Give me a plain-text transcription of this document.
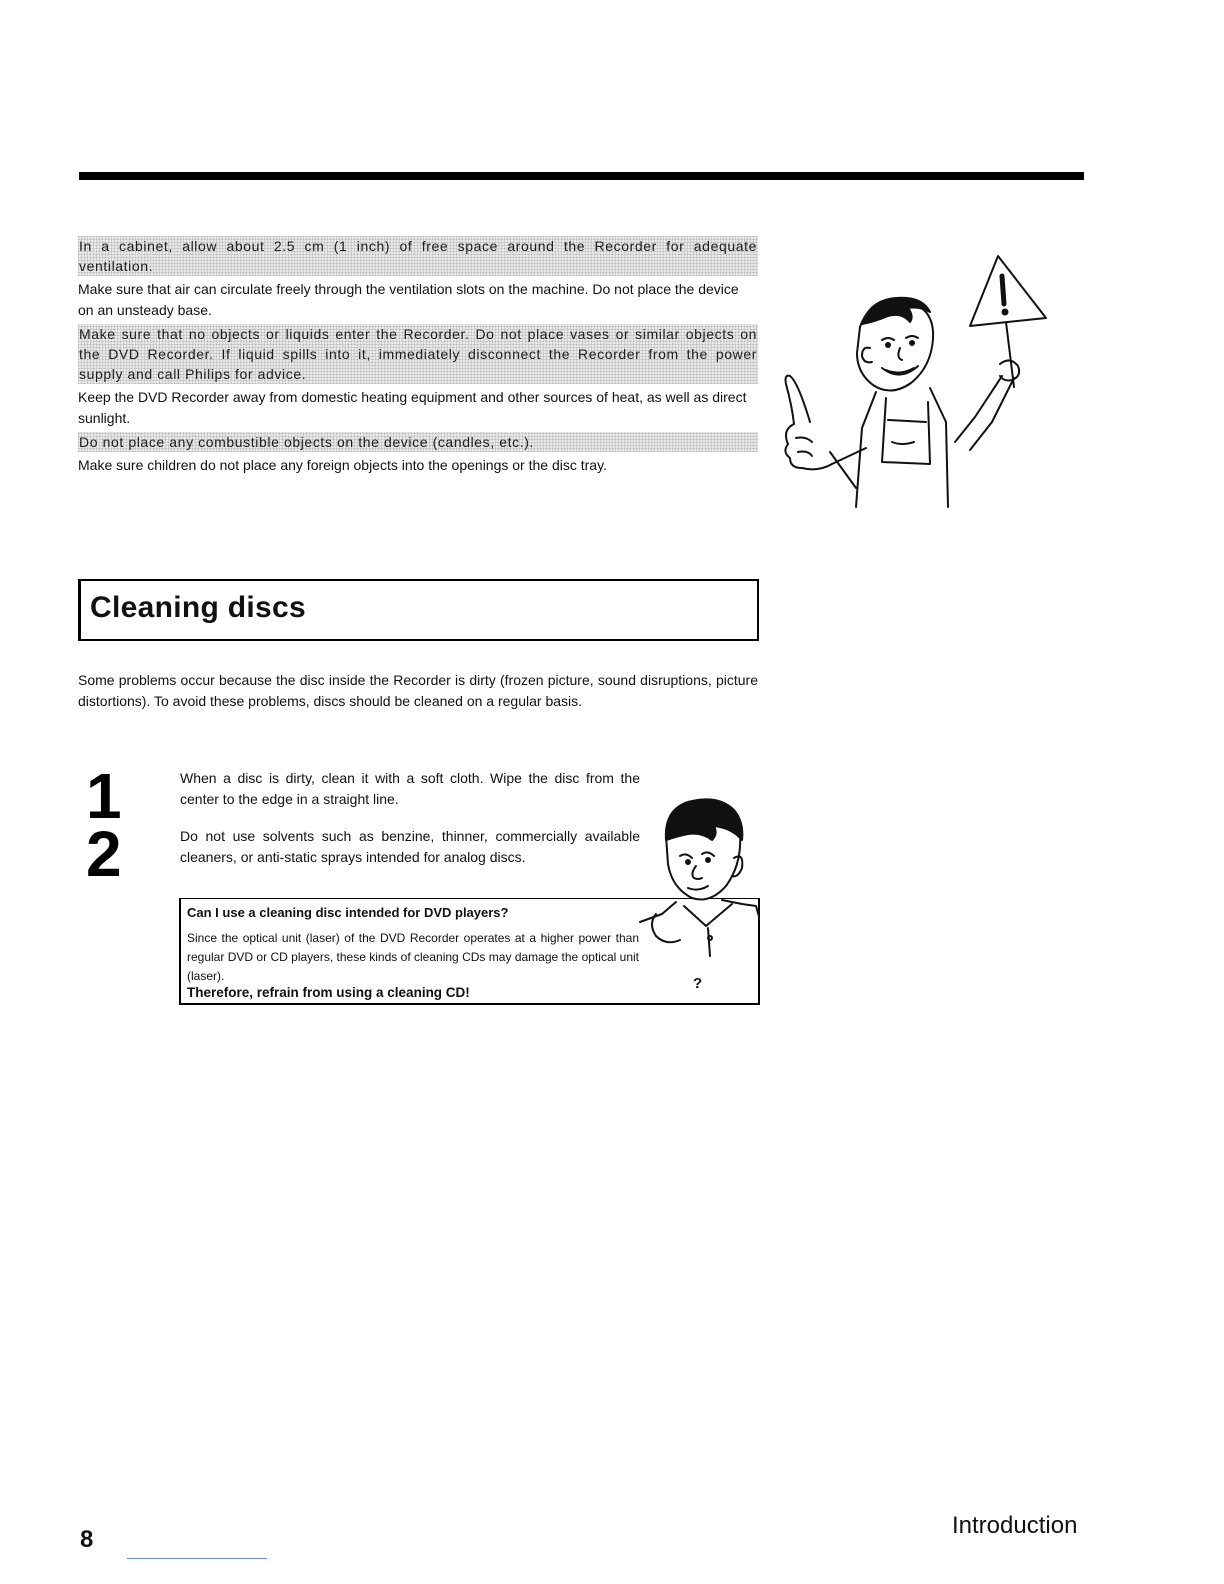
In a cabinet, allow about 2.5 cm (1 inch) of free space around the Recorder for adequate ventilation.
Make sure that air can circulate freely through the ventilation slots on the machine. Do not place the device on an unsteady base.
Make sure that no objects or liquids enter the Recorder. Do not place vases or similar objects on the DVD Recorder. If liquid spills into it, immediately disconnect the Recorder from the power supply and call Philips for advice.
Keep the DVD Recorder away from domestic heating equipment and other sources of heat, as well as direct sunlight.
Do not place any combustible objects on the device (candles, etc.).
Make sure children do not place any foreign objects into the openings or the disc tray.
Cleaning discs
Some problems occur because the disc inside the Recorder is dirty (frozen picture, sound disruptions, picture distortions). To avoid these problems, discs should be cleaned on a regular basis.
1	When a disc is dirty, clean it with a soft cloth. Wipe the disc from the center to the edge in a straight line.
2	Do not use solvents such as benzine, thinner, commercially available cleaners, or anti-static sprays intended for analog discs.
Can I use a cleaning disc intended for DVD players?
Since the optical unit (laser) of the DVD Recorder operates at a higher power than regular DVD or CD players, these kinds of cleaning CDs may damage the optical unit (laser).
Therefore, refrain from using a cleaning CD!
?
8
Introduction
